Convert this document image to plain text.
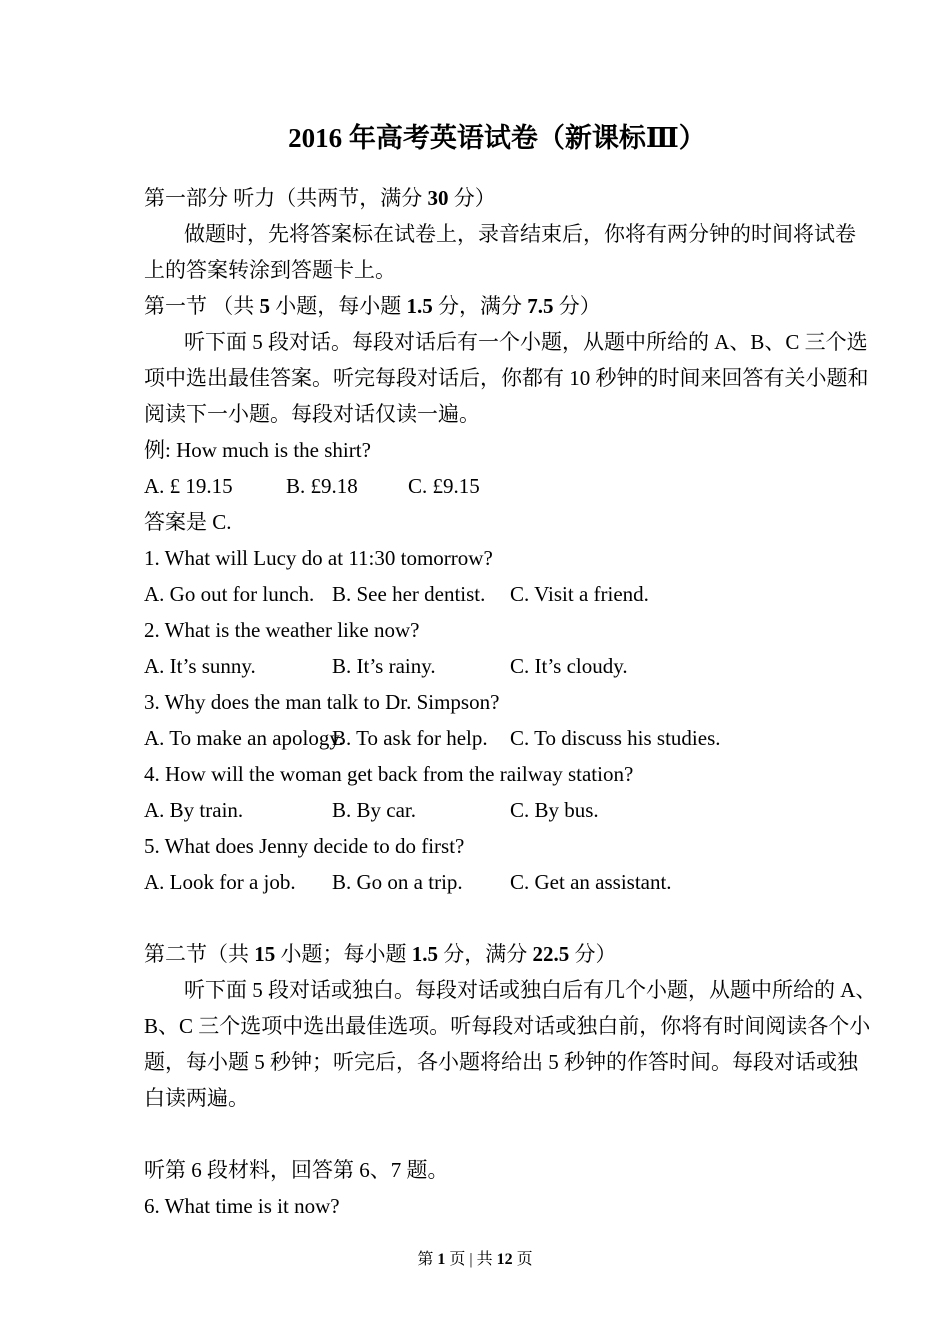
2016 年高考英语试卷（新课标Ⅲ）
第一部分 听力（共两节，满分 30 分）
做题时，先将答案标在试卷上，录音结束后，你将有两分钟的时间将试卷
上的答案转涂到答题卡上。
第一节 （共 5 小题，每小题 1.5 分，满分 7.5 分）
听下面 5 段对话。每段对话后有一个小题，从题中所给的 A、B、C 三个选
项中选出最佳答案。听完每段对话后，你都有 10 秒钟的时间来回答有关小题和
阅读下一小题。每段对话仅读一遍。
例: How much is the shirt?
A. £ 19.15	B. £9.18	C. £9.15
答案是 C.
1. What will Lucy do at 11:30 tomorrow?
A. Go out for lunch. B. See her dentist.	C. Visit a friend.
2. What is the weather like now?
A. It’s sunny.	B. It’s rainy.	C. It’s cloudy.
3. Why does the man talk to Dr. Simpson?
A. To make an apology.
B. To ask for help.	C. To discuss his studies.
4. How will the woman get back from the railway station?
A. By train.	B. By car.	C. By bus.
5. What does Jenny decide to do first?
A. Look for a job.	B. Go on a trip.	C. Get an assistant.
第二节（共 15 小题；每小题 1.5 分，满分 22.5 分）
听下面 5 段对话或独白。每段对话或独白后有几个小题，从题中所给的 A、
B、C 三个选项中选出最佳选项。听每段对话或独白前，你将有时间阅读各个小
题，每小题 5 秒钟；听完后，各小题将给出 5 秒钟的作答时间。每段对话或独
白读两遍。
听第 6 段材料，回答第 6、7 题。
6. What time is it now?
第 1 页 | 共 12 页
